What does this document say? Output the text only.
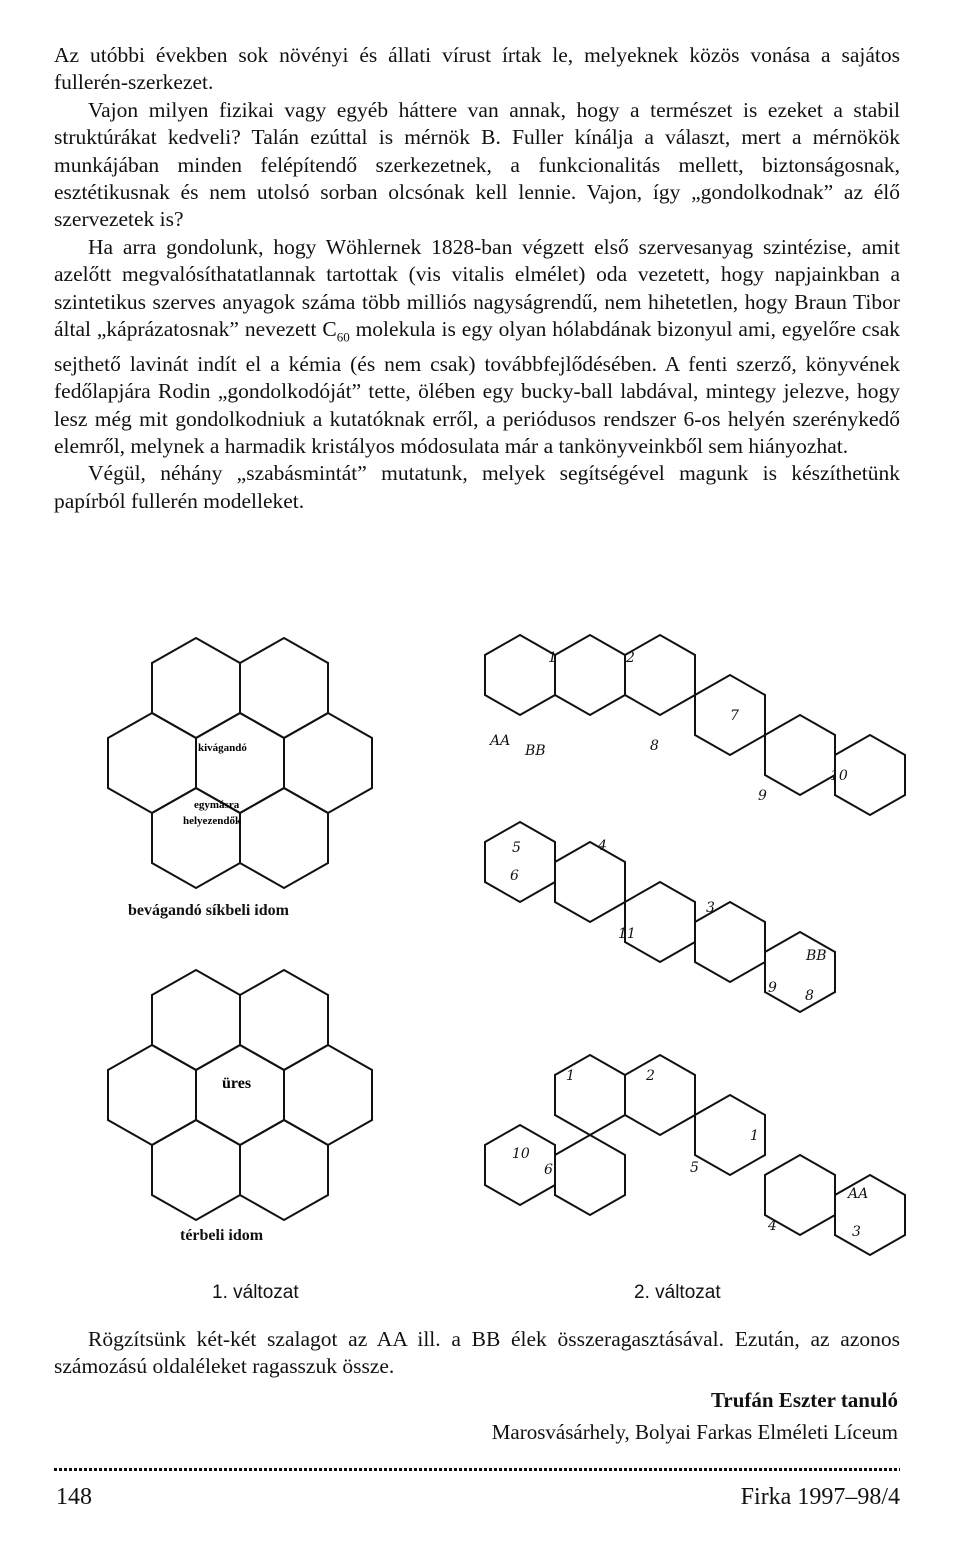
Az utóbbi években sok növényi és állati vírust írtak le, melyeknek közös vonása a sajátos fullerén-szerkezet.

Vajon milyen fizikai vagy egyéb háttere van annak, hogy a természet is ezeket a stabil struktúrákat kedveli? Talán ezúttal is mérnök B. Fuller kínálja a választ, mert a mérnökök munkájában minden felépítendő szerkezetnek, a funkcionalitás mellett, biztonságosnak, esztétikusnak és nem utolsó sorban olcsónak kell lennie. Vajon, így „gondolkodnak” az élő szervezetek is?

Ha arra gondolunk, hogy Wöhlernek 1828-ban végzett első szervesanyag szintézise, amit azelőtt megvalósíthatatlannak tartottak (vis vitalis elmélet) oda vezetett, hogy napjainkban a szintetikus szerves anyagok száma több milliós nagyságrendű, nem hihetetlen, hogy Braun Tibor által „káprázatosnak” nevezett $C_{60}$ molekula is egy olyan hólabdának bizonyul ami, egyelőre csak sejthető lavinát indít el a kémia (és nem csak) továbbfejlődésében. A fenti szerző, könyvének fedőlapjára Rodin „gondolkodóját” tette, ölében egy bucky-ball labdával, mintegy jelezve, hogy lesz még mit gondolkodniuk a kutatóknak erről, a periódusos rendszer 6-os helyén szerénykedő elemről, melynek a harmadik kristályos módosulata már a tankönyveinkből sem hiányozhat.

Végül, néhány „szabásmintát” mutatunk, melyek segítségével magunk is készíthetünk papírból fullerén modelleket.

kivágandó
egymásra
helyezendők
üres
1	2
AA
BB	8
7
9
10
5	4
6
3
11
BB
9 8
1	2
10
6
1
5
AA
4	3
bevágandó síkbeli idom
térbeli idom
1. változat	2. változat

Rögzítsünk két-két szalagot az AA ill. a BB élek összeragasztásával. Ezután, az azonos számozású oldaléleket ragasszuk össze.

Trufán Eszter tanuló
Marosvásárhely, Bolyai Farkas Elméleti Líceum
148	Firka 1997–98/4
